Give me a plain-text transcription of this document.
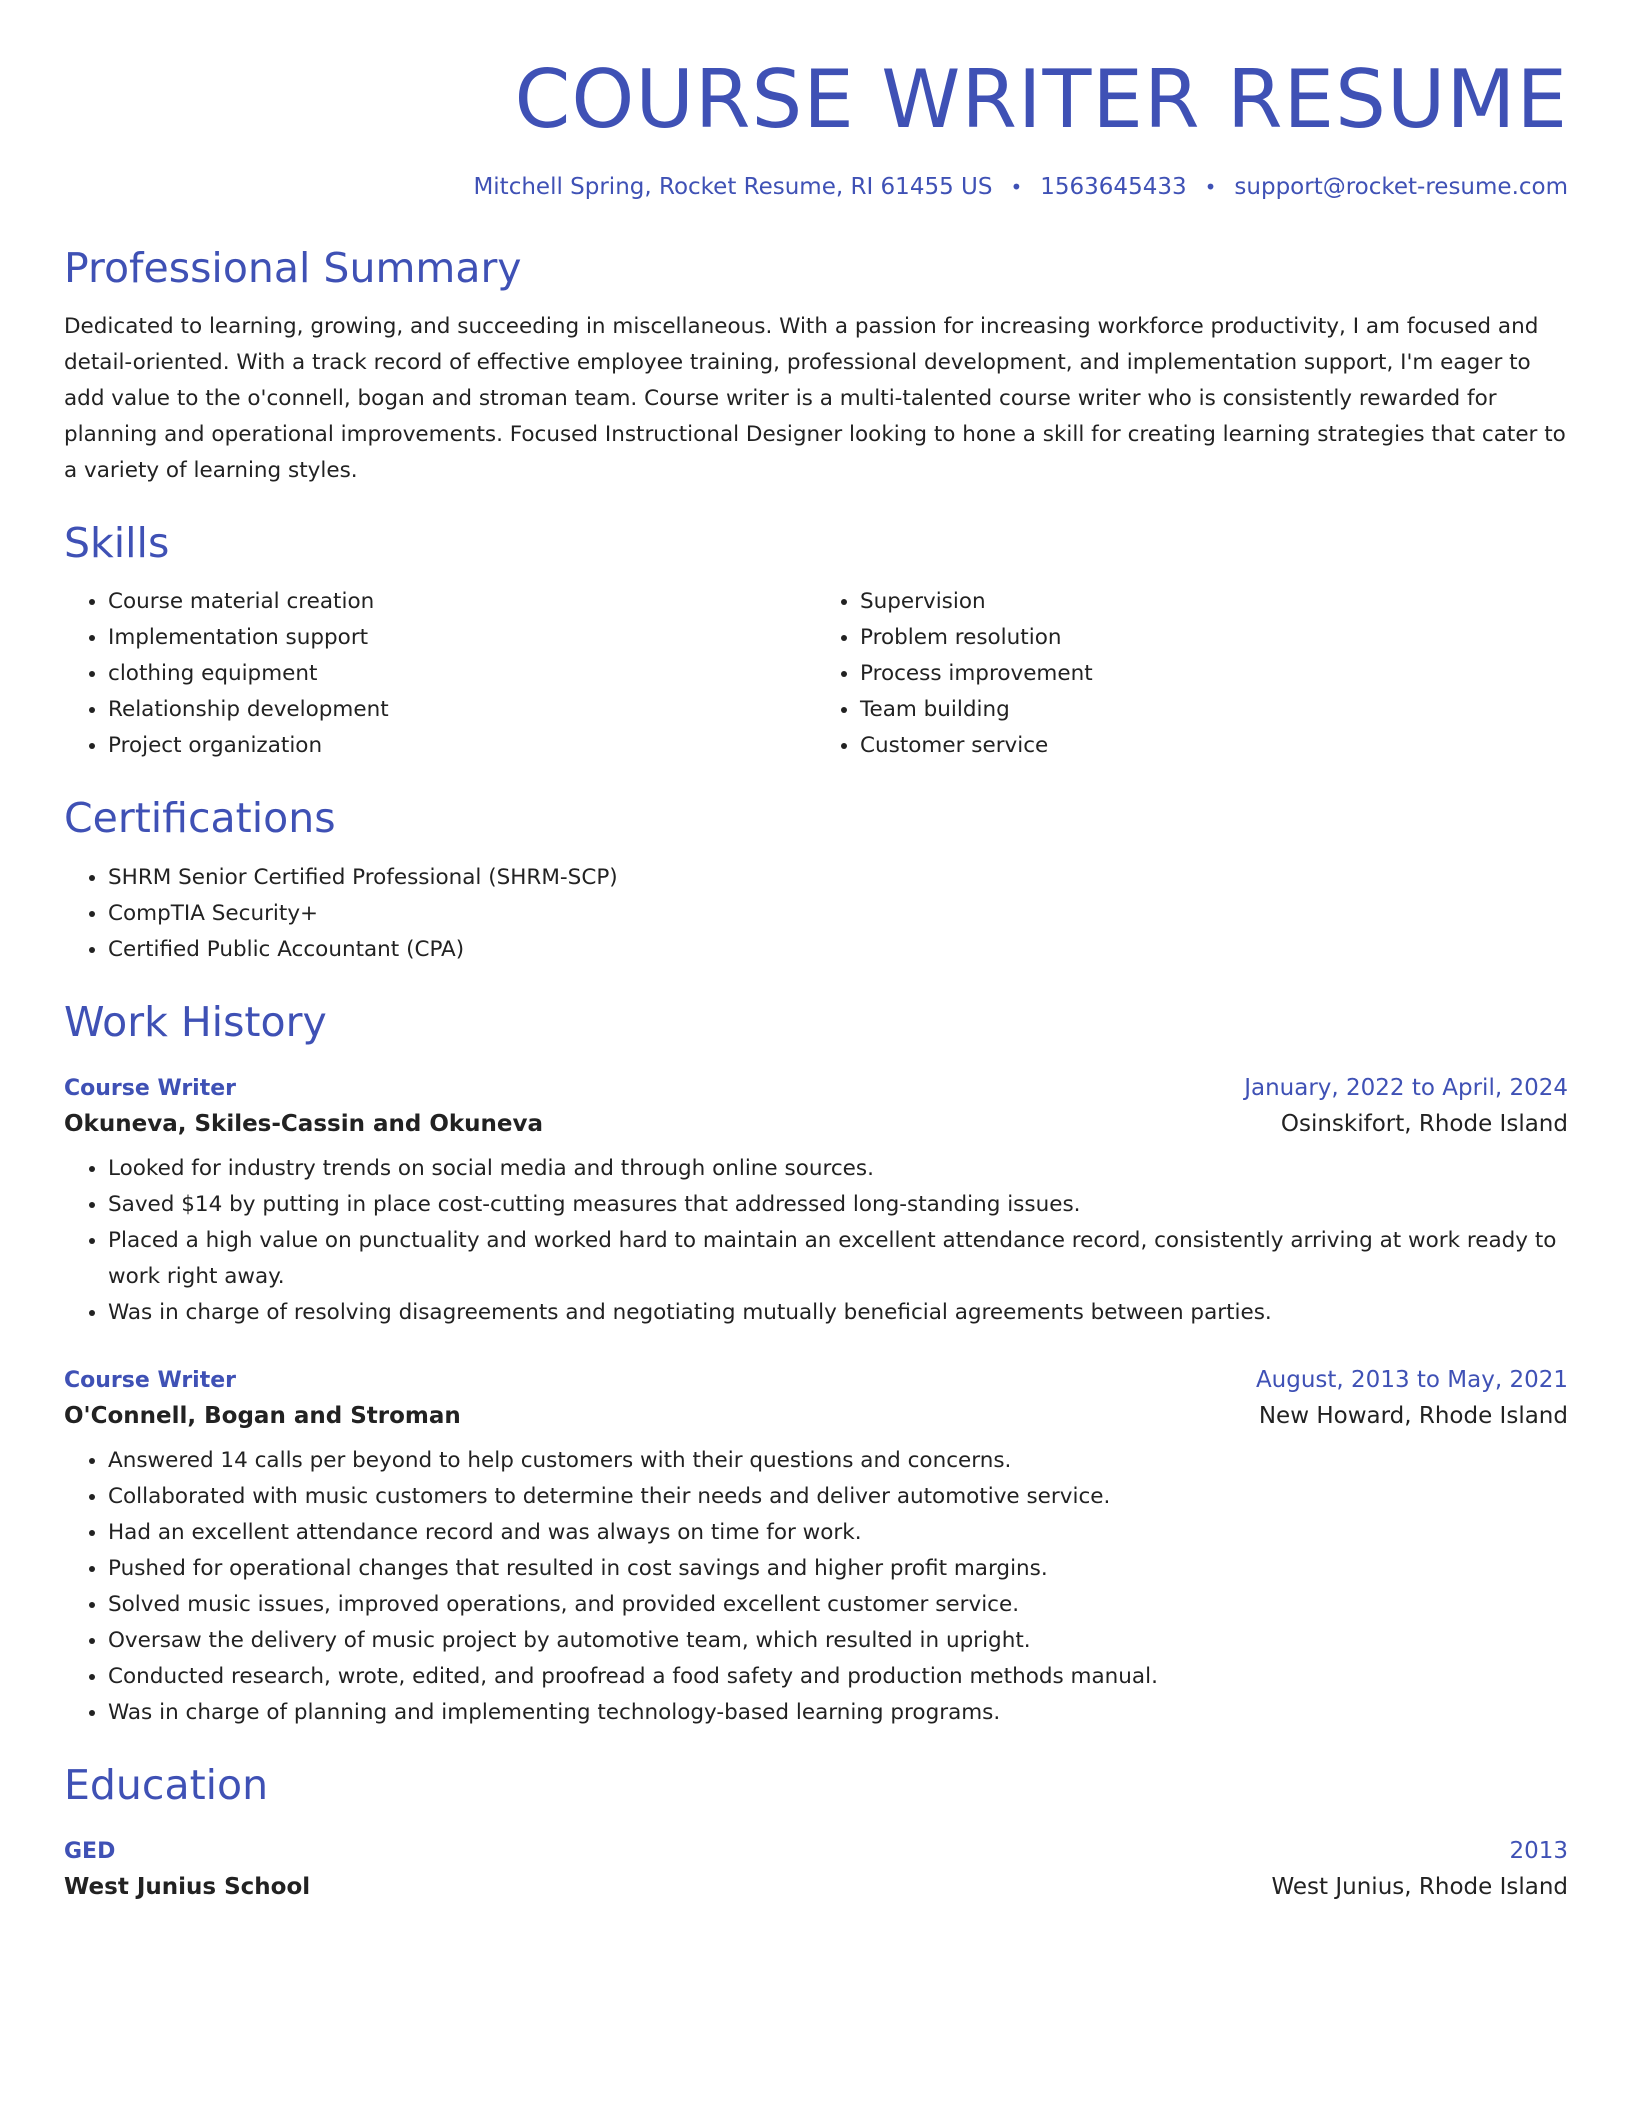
COURSE WRITER RESUME
Mitchell Spring, Rocket Resume, RI 61455 US • 1563645433 • support@rocket-resume.com
Professional Summary

Dedicated to learning, growing, and succeeding in miscellaneous. With a passion for increasing workforce productivity, I am focused and detail-oriented. With a track record of effective employee training, professional development, and implementation support, I'm eager to add value to the o'connell, bogan and stroman team. Course writer is a multi-talented course writer who is consistently rewarded for planning and operational improvements. Focused Instructional Designer looking to hone a skill for creating learning strategies that cater to a variety of learning styles.

Skills
• Course material creation
• Implementation support
• clothing equipment
• Relationship development
• Project organization
• Supervision
• Problem resolution
• Process improvement
• Team building
• Customer service
Certifications
• SHRM Senior Certified Professional (SHRM-SCP)
• CompTIA Security+
• Certified Public Accountant (CPA)
Work History
Course Writer	January, 2022 to April, 2024
Okuneva, Skiles-Cassin and Okuneva	Osinskifort, Rhode Island
• Looked for industry trends on social media and through online sources.
• Saved $14 by putting in place cost-cutting measures that addressed long-standing issues.
• Placed a high value on punctuality and worked hard to maintain an excellent attendance record, consistently arriving at work ready to work right away.
• Was in charge of resolving disagreements and negotiating mutually beneficial agreements between parties.
Course Writer	August, 2013 to May, 2021
O'Connell, Bogan and Stroman	New Howard, Rhode Island
• Answered 14 calls per beyond to help customers with their questions and concerns.
• Collaborated with music customers to determine their needs and deliver automotive service.
• Had an excellent attendance record and was always on time for work.
• Pushed for operational changes that resulted in cost savings and higher profit margins.
• Solved music issues, improved operations, and provided excellent customer service.
• Oversaw the delivery of music project by automotive team, which resulted in upright.
• Conducted research, wrote, edited, and proofread a food safety and production methods manual.
• Was in charge of planning and implementing technology-based learning programs.
Education
GED	2013
West Junius School	West Junius, Rhode Island
